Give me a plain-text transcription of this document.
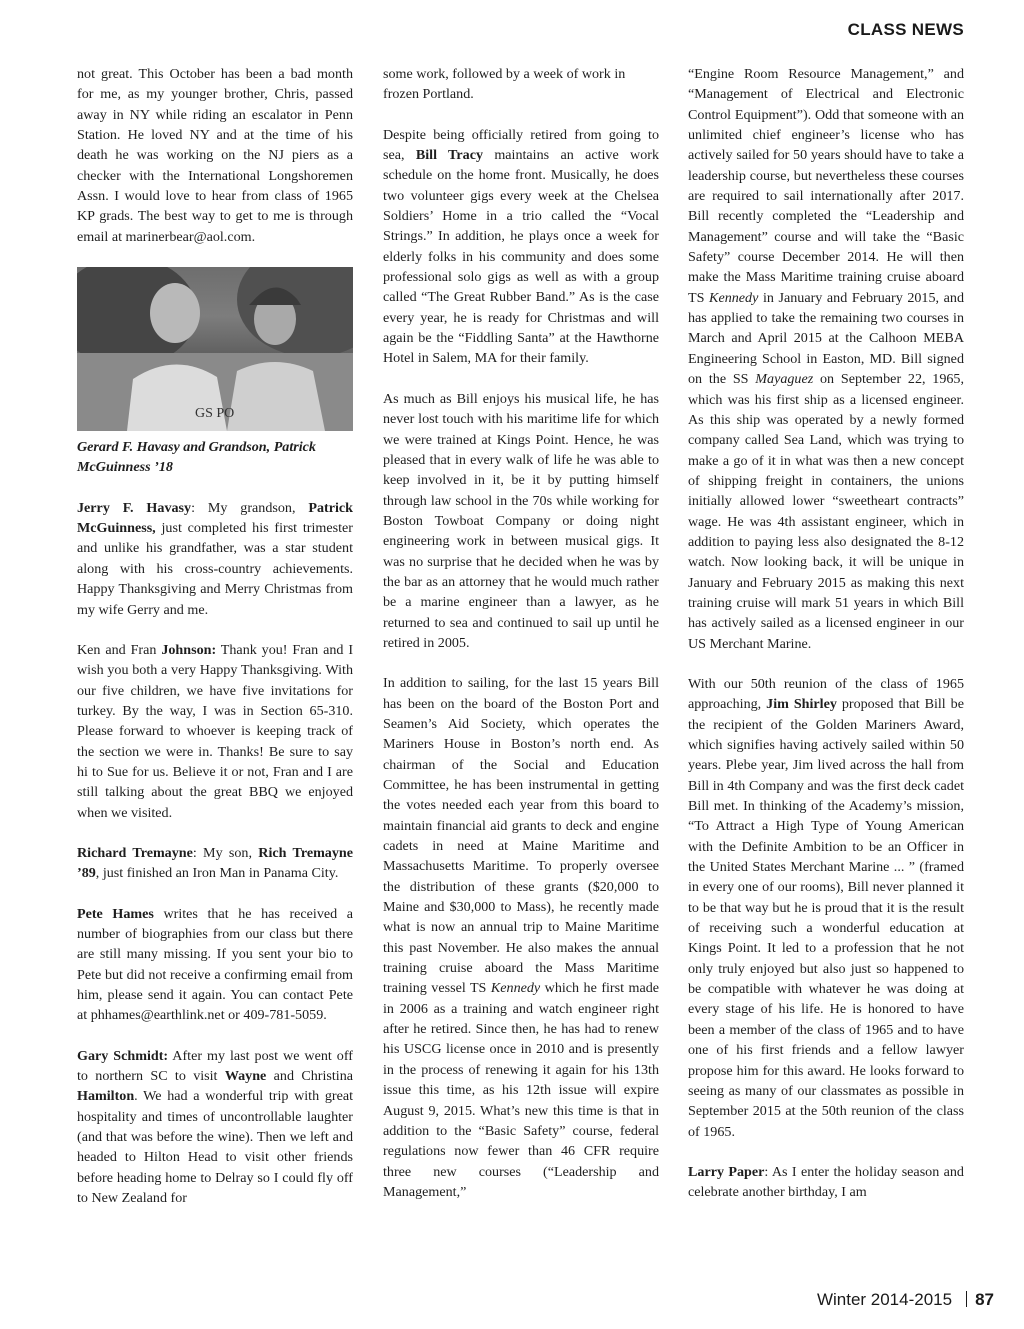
CLASS NEWS

not great. This October has been a bad month for me, as my younger brother, Chris, passed away in NY while riding an escalator in Penn Station. He loved NY and at the time of his death he was working on the NJ piers as a checker with the International Longshoremen Assn. I would love to hear from class of 1965 KP grads. The best way to get to me is through email at marinerbear@aol.com.

GS PO

Gerard F. Havasy and Grandson, Patrick McGuinness ’18

Jerry F. Havasy: My grandson, Patrick McGuinness, just completed his first trimester and unlike his grandfather, was a star student along with his cross-country achievements. Happy Thanksgiving and Merry Christmas from my wife Gerry and me.

Ken and Fran Johnson: Thank you! Fran and I wish you both a very Happy Thanksgiving. With our five children, we have five invitations for turkey. By the way, I was in Section 65-310. Please forward to whoever is keeping track of the section we were in. Thanks! Be sure to say hi to Sue for us. Believe it or not, Fran and I are still talking about the great BBQ we enjoyed when we visited.

Richard Tremayne: My son, Rich Tremayne ’89, just finished an Iron Man in Panama City.

Pete Hames writes that he has received a number of biographies from our class but there are still many missing. If you sent your bio to Pete but did not receive a confirming email from him, please send it again. You can contact Pete at phhames@earthlink.net or 409-781-5059.

Gary Schmidt: After my last post we went off to northern SC to visit Wayne and Christina Hamilton. We had a wonderful trip with great hospitality and times of uncontrollable laughter (and that was before the wine). Then we left and headed to Hilton Head to visit other friends before heading home to Delray so I could fly off to New Zealand for

some work, followed by a week of work in frozen Portland.

Despite being officially retired from going to sea, Bill Tracy maintains an active work schedule on the home front. Musically, he does two volunteer gigs every week at the Chelsea Soldiers’ Home in a trio called the “Vocal Strings.” In addition, he plays once a week for elderly folks in his community and does some professional solo gigs as well as with a group called “The Great Rubber Band.” As is the case every year, he is ready for Christmas and will again be the “Fiddling Santa” at the Hawthorne Hotel in Salem, MA for their family.

As much as Bill enjoys his musical life, he has never lost touch with his maritime life for which we were trained at Kings Point. Hence, he was pleased that in every walk of life he was able to keep involved in it, be it by putting himself through law school in the 70s while working for Boston Towboat Company or doing night engineering work in between musical gigs. It was no surprise that he decided when he was by the bar as an attorney that he would much rather be a marine engineer than a lawyer, as he returned to sea and continued to sail up until he retired in 2005.

In addition to sailing, for the last 15 years Bill has been on the board of the Boston Port and Seamen’s Aid Society, which operates the Mariners House in Boston’s north end. As chairman of the Social and Education Committee, he has been instrumental in getting the votes needed each year from this board to maintain financial aid grants to deck and engine cadets in need at Maine Maritime and Massachusetts Maritime. To properly oversee the distribution of these grants ($20,000 to Maine and $30,000 to Mass), he recently made what is now an annual trip to Maine Maritime this past November. He also makes the annual training cruise aboard the Mass Maritime training vessel TS Kennedy which he first made in 2006 as a training and watch engineer right after he retired. Since then, he has had to renew his USCG license once in 2010 and is presently in the process of renewing it again for his 13th issue this time, as his 12th issue will expire August 9, 2015. What’s new this time is that in addition to the “Basic Safety” course, federal regulations now fewer than 46 CFR require three new courses (“Leadership and Management,”

“Engine Room Resource Management,” and “Management of Electrical and Electronic Control Equipment”). Odd that someone with an unlimited chief engineer’s license who has actively sailed for 50 years should have to take a leadership course, but nevertheless these courses are required to sail internationally after 2017. Bill recently completed the “Leadership and Management” course and will take the “Basic Safety” course December 2014. He will then make the Mass Maritime training cruise aboard TS Kennedy in January and February 2015, and has applied to take the remaining two courses in March and April 2015 at the Calhoon MEBA Engineering School in Easton, MD. Bill signed on the SS Mayaguez on September 22, 1965, which was his first ship as a licensed engineer. As this ship was operated by a newly formed company called Sea Land, which was trying to make a go of it in what was then a new concept of shipping freight in containers, the unions initially allowed lower “sweetheart contracts” wage. He was 4th assistant engineer, which in addition to paying less also designated the 8-12 watch. Now looking back, it will be unique in January and February 2015 as making this next training cruise will mark 51 years in which Bill has actively sailed as a licensed engineer in our US Merchant Marine.

With our 50th reunion of the class of 1965 approaching, Jim Shirley proposed that Bill be the recipient of the Golden Mariners Award, which signifies having actively sailed within 50 years. Plebe year, Jim lived across the hall from Bill in 4th Company and was the first deck cadet Bill met. In thinking of the Academy’s mission, “To Attract a High Type of Young American with the Definite Ambition to be an Officer in the United States Merchant Marine ... ” (framed in every one of our rooms), Bill never planned it to be that way but he is proud that it is the result of receiving such a wonderful education at Kings Point. It led to a profession that he not only truly enjoyed but also just so happened to be compatible with whatever he was doing at every stage of his life. He is honored to have been a member of the class of 1965 and to have one of his first friends and a fellow lawyer propose him for this award. He looks forward to seeing as many of our classmates as possible in September 2015 at the 50th reunion of the class of 1965.

Larry Paper: As I enter the holiday season and celebrate another birthday, I am

Winter 2014-2015 87
